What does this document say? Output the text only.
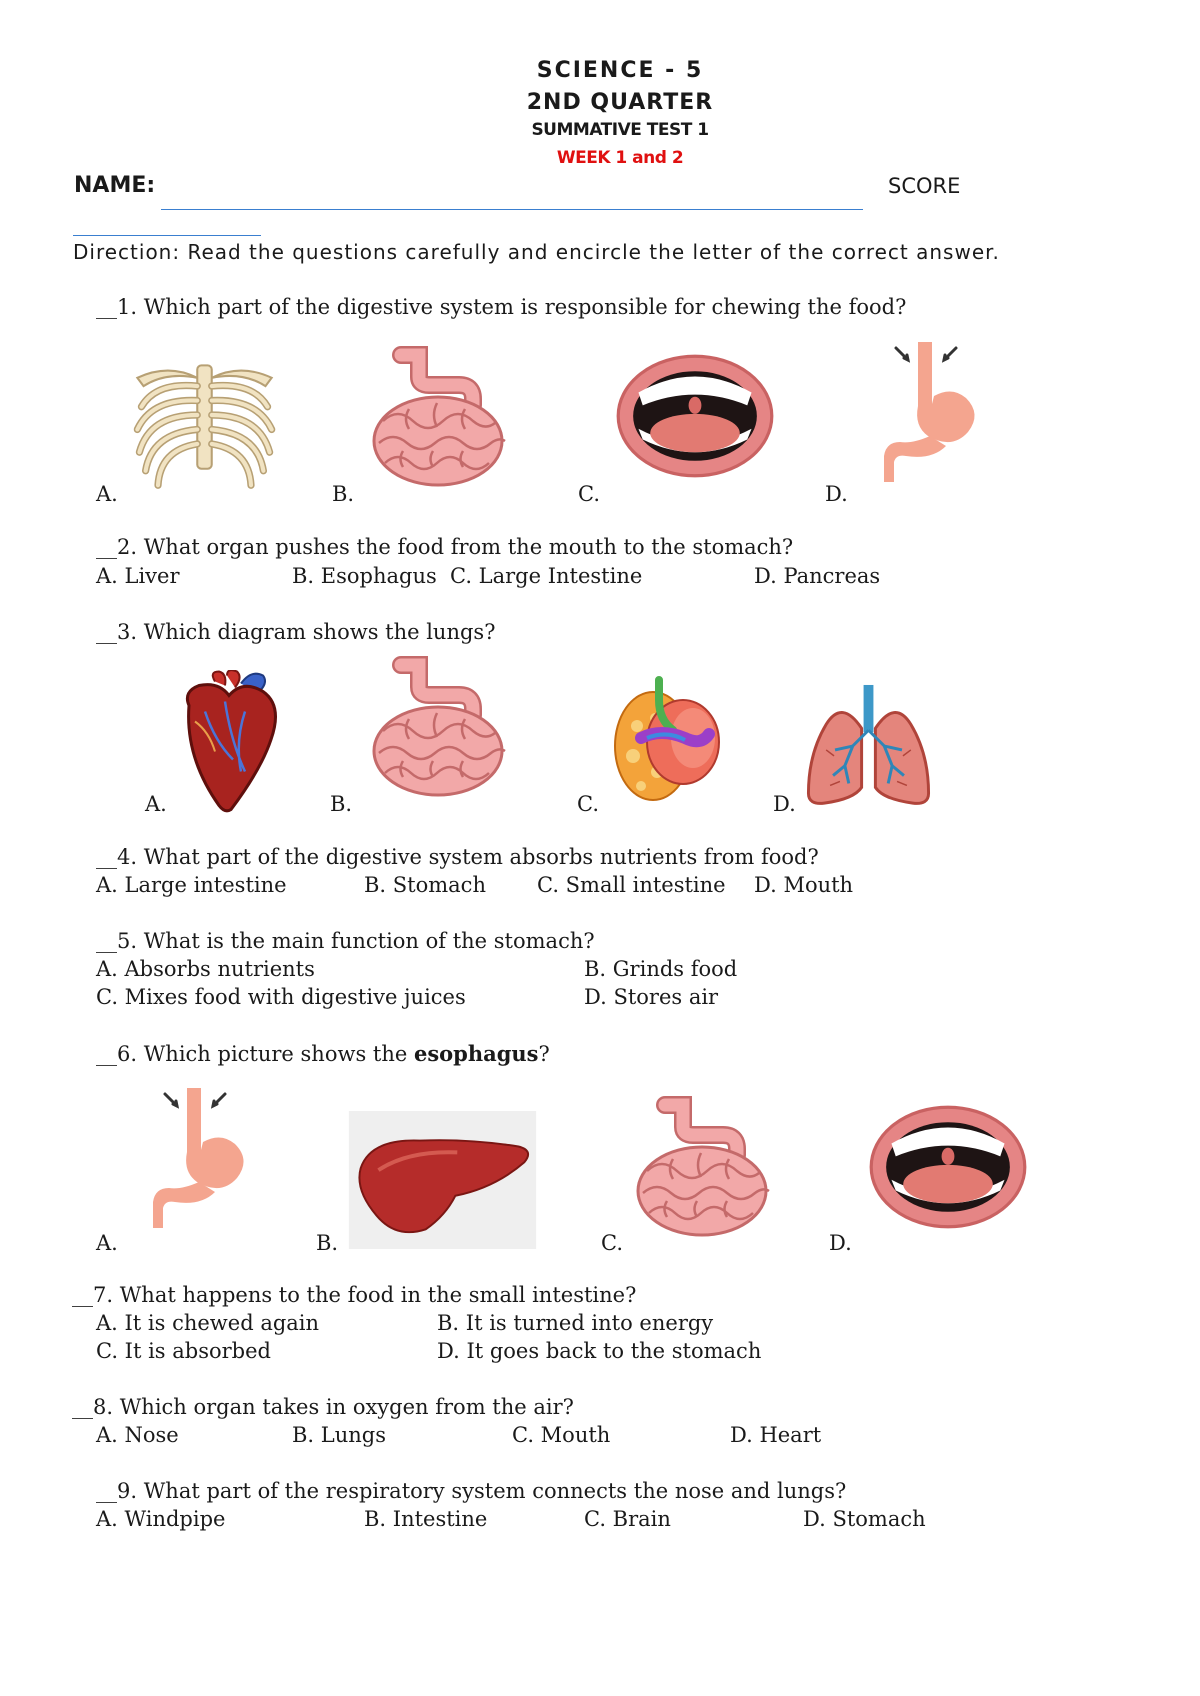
SCIENCE - 5
2ND QUARTER
SUMMATIVE TEST 1
WEEK 1 and 2
NAME:	SCORE
Direction: Read the questions carefully and encircle the letter of the correct answer.
__1. Which part of the digestive system is responsible for chewing the food?
A.	B.	C.	D.
__2. What organ pushes the food from the mouth to the stomach?
A. Liver	B. Esophagus C. Large Intestine	D. Pancreas
__3. Which diagram shows the lungs?
A.	B.	C.	D.
__4. What part of the digestive system absorbs nutrients from food?
A. Large intestine	B. Stomach C. Small intestine D. Mouth
__5. What is the main function of the stomach?
A. Absorbs nutrients	B. Grinds food
C. Mixes food with digestive juices	D. Stores air
__6. Which picture shows the esophagus?
A.	B.	C.	D.
__7. What happens to the food in the small intestine?
A. It is chewed again	B. It is turned into energy
C. It is absorbed	D. It goes back to the stomach
__8. Which organ takes in oxygen from the air?
A. Nose	B. Lungs	C. Mouth	D. Heart
__9. What part of the respiratory system connects the nose and lungs?
A. Windpipe	B. Intestine	C. Brain	D. Stomach
